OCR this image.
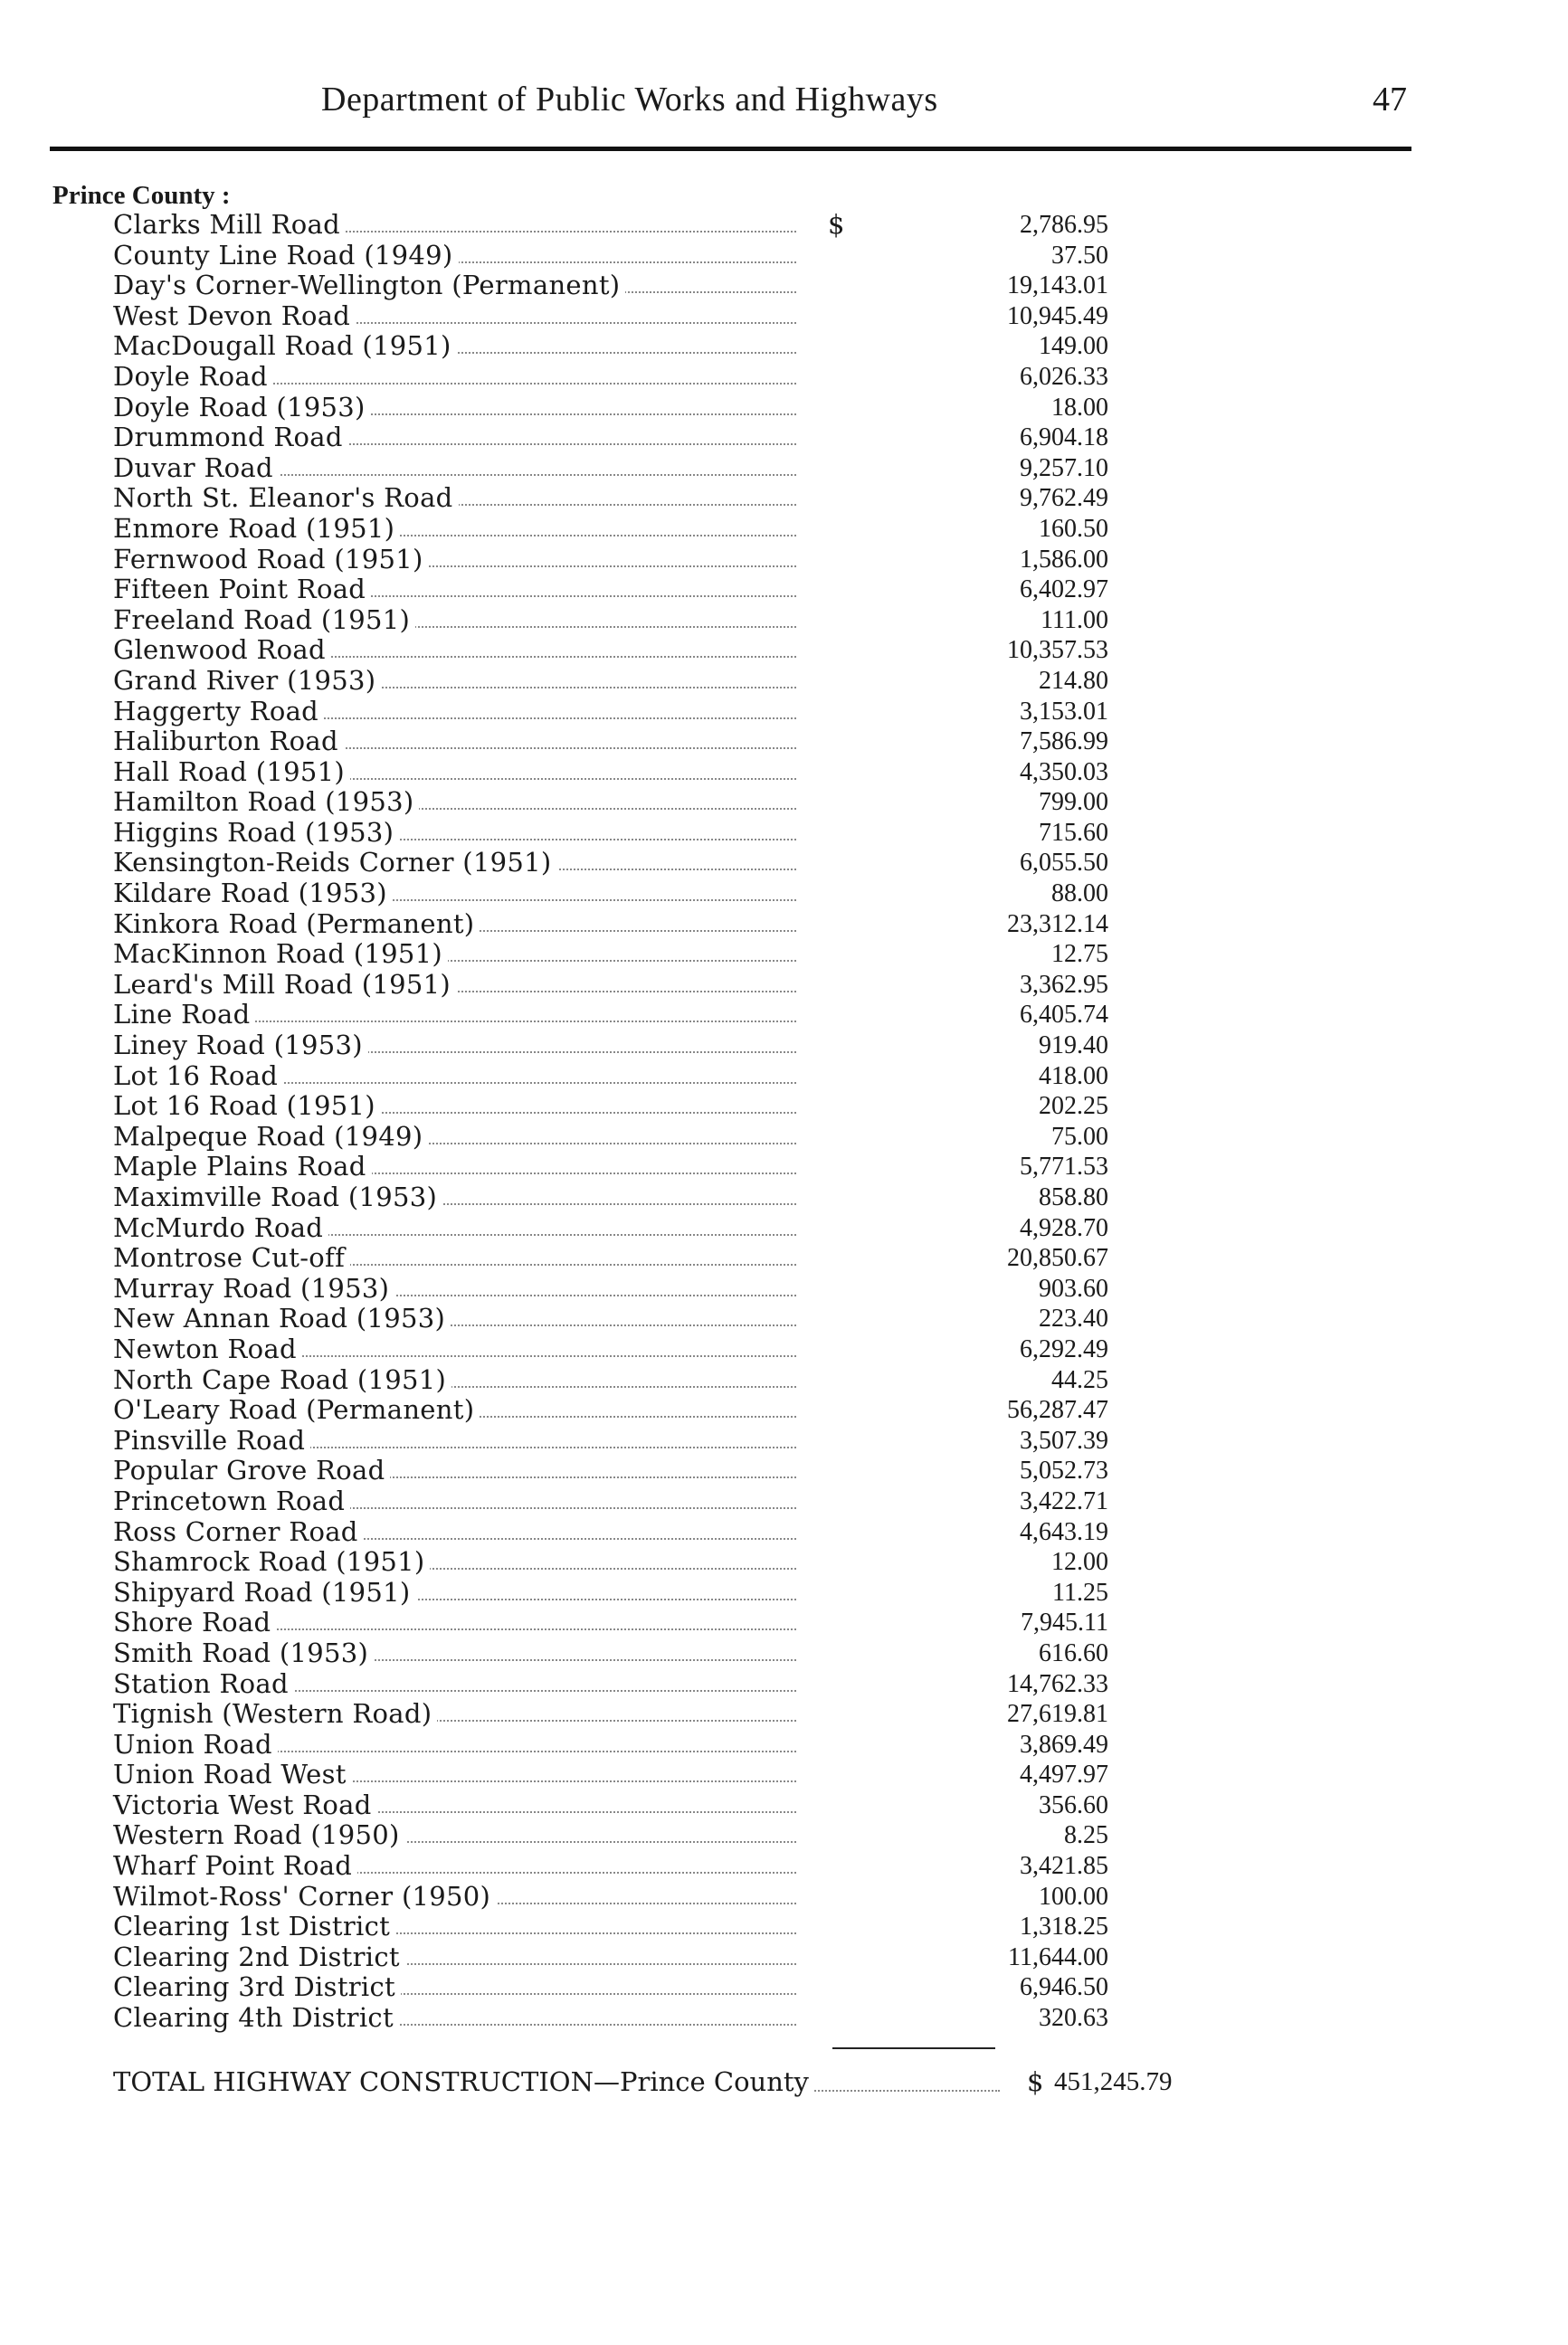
Department of Public Works and Highways	47
Prince County :
Clarks Mill Road	$	2,786.95
County Line Road (1949)	37.50
Day's Corner-Wellington (Permanent)	19,143.01
West Devon Road	10,945.49
MacDougall Road (1951)	149.00
Doyle Road	6,026.33
Doyle Road (1953)	18.00
Drummond Road	6,904.18
Duvar Road	9,257.10
North St. Eleanor's Road	9,762.49
Enmore Road (1951)	160.50
Fernwood Road (1951)	1,586.00
Fifteen Point Road	6,402.97
Freeland Road (1951)	111.00
Glenwood Road	10,357.53
Grand River (1953)	214.80
Haggerty Road	3,153.01
Haliburton Road	7,586.99
Hall Road (1951)	4,350.03
Hamilton Road (1953)	799.00
Higgins Road (1953)	715.60
Kensington-Reids Corner (1951)	6,055.50
Kildare Road (1953)	88.00
Kinkora Road (Permanent)	23,312.14
MacKinnon Road (1951)	12.75
Leard's Mill Road (1951)	3,362.95
Line Road	6,405.74
Liney Road (1953)	919.40
Lot 16 Road	418.00
Lot 16 Road (1951)	202.25
Malpeque Road (1949)	75.00
Maple Plains Road	5,771.53
Maximville Road (1953)	858.80
McMurdo Road	4,928.70
Montrose Cut-off	20,850.67
Murray Road (1953)	903.60
New Annan Road (1953)	223.40
Newton Road	6,292.49
North Cape Road (1951)	44.25
O'Leary Road (Permanent)	56,287.47
Pinsville Road	3,507.39
Popular Grove Road	5,052.73
Princetown Road	3,422.71
Ross Corner Road	4,643.19
Shamrock Road (1951)	12.00
Shipyard Road (1951)	11.25
Shore Road	7,945.11
Smith Road (1953)	616.60
Station Road	14,762.33
Tignish (Western Road)	27,619.81
Union Road	3,869.49
Union Road West	4,497.97
Victoria West Road	356.60
Western Road (1950)	8.25
Wharf Point Road	3,421.85
Wilmot-Ross' Corner (1950)	100.00
Clearing 1st District	1,318.25
Clearing 2nd District	11,644.00
Clearing 3rd District	6,946.50
Clearing 4th District	320.63
TOTAL HIGHWAY CONSTRUCTION—Prince County	$ 451,245.79
